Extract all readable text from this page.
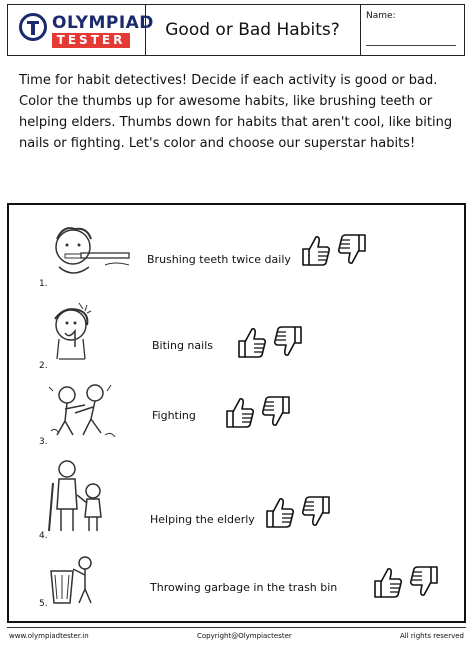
OLYMPIAD
TESTER	Good or Bad Habits?
Name:
Time for habit detectives! Decide if each activity is good or bad. Color the thumbs up for awesome habits, like brushing teeth or helping elders. Thumbs down for habits that aren't cool, like biting nails or fighting. Let's color and choose our superstar habits!
1.
Brushing teeth twice daily
2.
Biting nails
3.
Fighting
4.
Helping the elderly
5.
Throwing garbage in the trash bin
www.olympiadtester.in	Copyright@Olympiactester	All rights reserved
